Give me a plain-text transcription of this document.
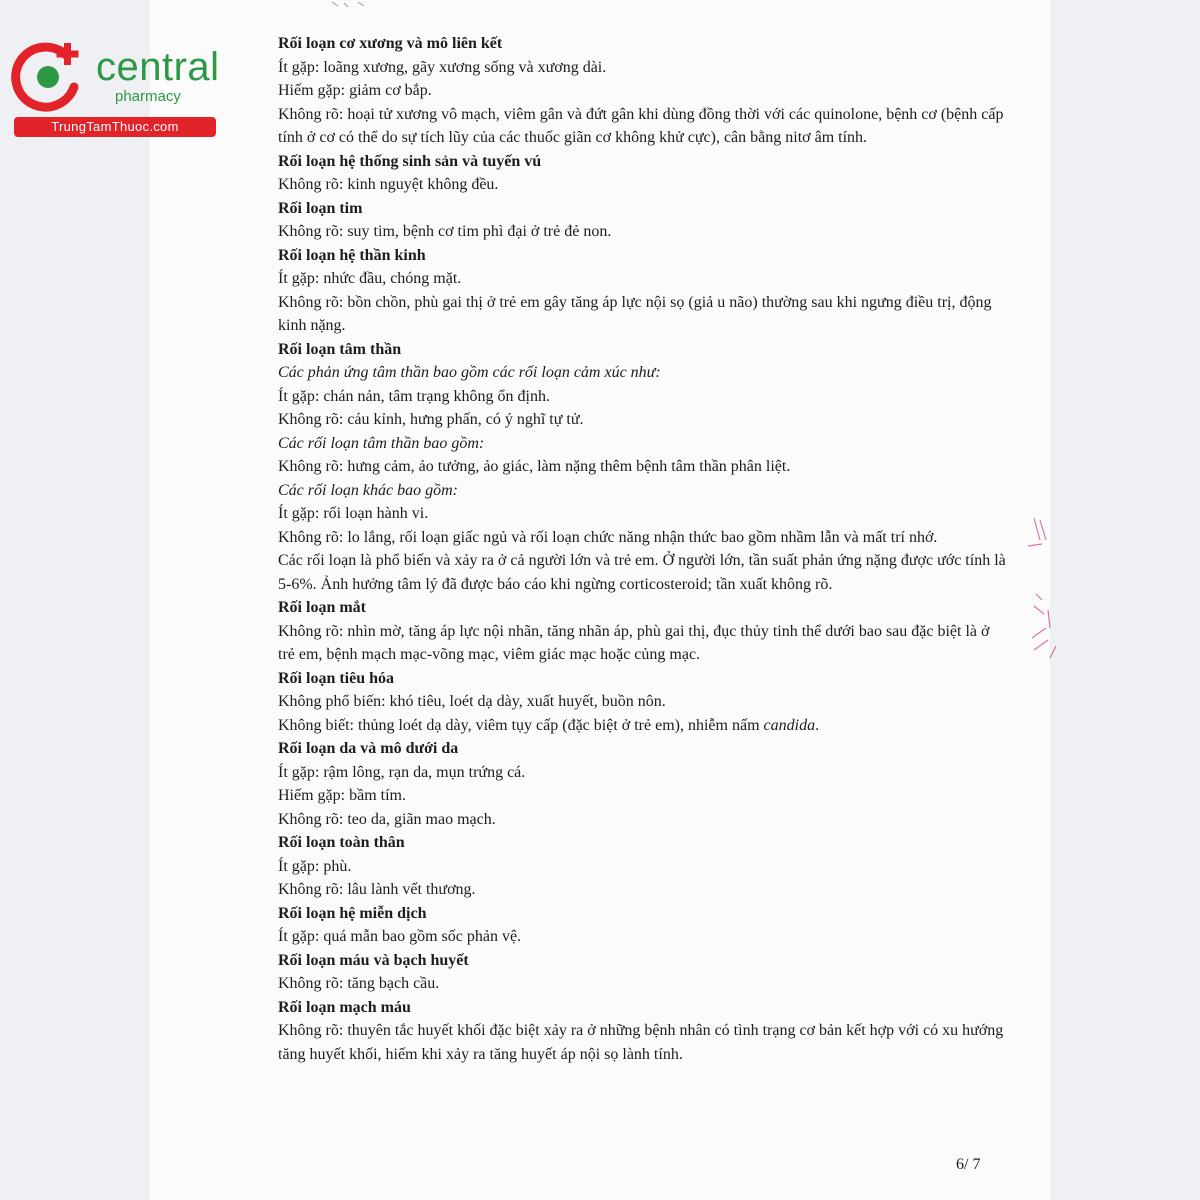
central
pharmacy
TrungTamThuoc.com

Rối loạn cơ xương và mô liên kết

Ít gặp: loãng xương, gãy xương sống và xương dài.

Hiếm gặp: giảm cơ bắp.

Không rõ: hoại tử xương vô mạch, viêm gân và đứt gân khi dùng đồng thời với các quinolone, bệnh cơ (bệnh cấp tính ở cơ có thể do sự tích lũy của các thuốc giãn cơ không khử cực), cân bằng nitơ âm tính.

Rối loạn hệ thống sinh sản và tuyến vú

Không rõ: kinh nguyệt không đều.

Rối loạn tim

Không rõ: suy tim, bệnh cơ tim phì đại ở trẻ đẻ non.

Rối loạn hệ thần kinh

Ít gặp: nhức đầu, chóng mặt.

Không rõ: bồn chồn, phù gai thị ở trẻ em gây tăng áp lực nội sọ (giả u não) thường sau khi ngưng điều trị, động kinh nặng.

Rối loạn tâm thần

Các phản ứng tâm thần bao gồm các rối loạn cảm xúc như:

Ít gặp: chán nản, tâm trạng không ổn định.

Không rõ: cáu kỉnh, hưng phấn, có ý nghĩ tự tử.

Các rối loạn tâm thần bao gồm:

Không rõ: hưng cảm, ảo tưởng, ảo giác, làm nặng thêm bệnh tâm thần phân liệt.

Các rối loạn khác bao gồm:

Ít gặp: rối loạn hành vi.

Không rõ: lo lắng, rối loạn giấc ngủ và rối loạn chức năng nhận thức bao gồm nhầm lẫn và mất trí nhớ.

Các rối loạn là phổ biến và xảy ra ở cả người lớn và trẻ em. Ở người lớn, tần suất phản ứng nặng được ước tính là 5-6%. Ảnh hưởng tâm lý đã được báo cáo khi ngừng corticosteroid; tần xuất không rõ.

Rối loạn mắt

Không rõ: nhìn mờ, tăng áp lực nội nhãn, tăng nhãn áp, phù gai thị, đục thủy tinh thể dưới bao sau đặc biệt là ở trẻ em, bệnh mạch mạc-võng mạc, viêm giác mạc hoặc củng mạc.

Rối loạn tiêu hóa

Không phổ biến: khó tiêu, loét dạ dày, xuất huyết, buồn nôn.

Không biết: thủng loét dạ dày, viêm tụy cấp (đặc biệt ở trẻ em), nhiễm nấm candida.

Rối loạn da và mô dưới da

Ít gặp: rậm lông, rạn da, mụn trứng cá.

Hiếm gặp: bầm tím.

Không rõ: teo da, giãn mao mạch.

Rối loạn toàn thân

Ít gặp: phù.

Không rõ: lâu lành vết thương.

Rối loạn hệ miễn dịch

Ít gặp: quá mẫn bao gồm sốc phản vệ.

Rối loạn máu và bạch huyết

Không rõ: tăng bạch cầu.

Rối loạn mạch máu

Không rõ: thuyên tắc huyết khối đặc biệt xảy ra ở những bệnh nhân có tình trạng cơ bản kết hợp với có xu hướng tăng huyết khối, hiếm khi xảy ra tăng huyết áp nội sọ lành tính.

6/ 7
